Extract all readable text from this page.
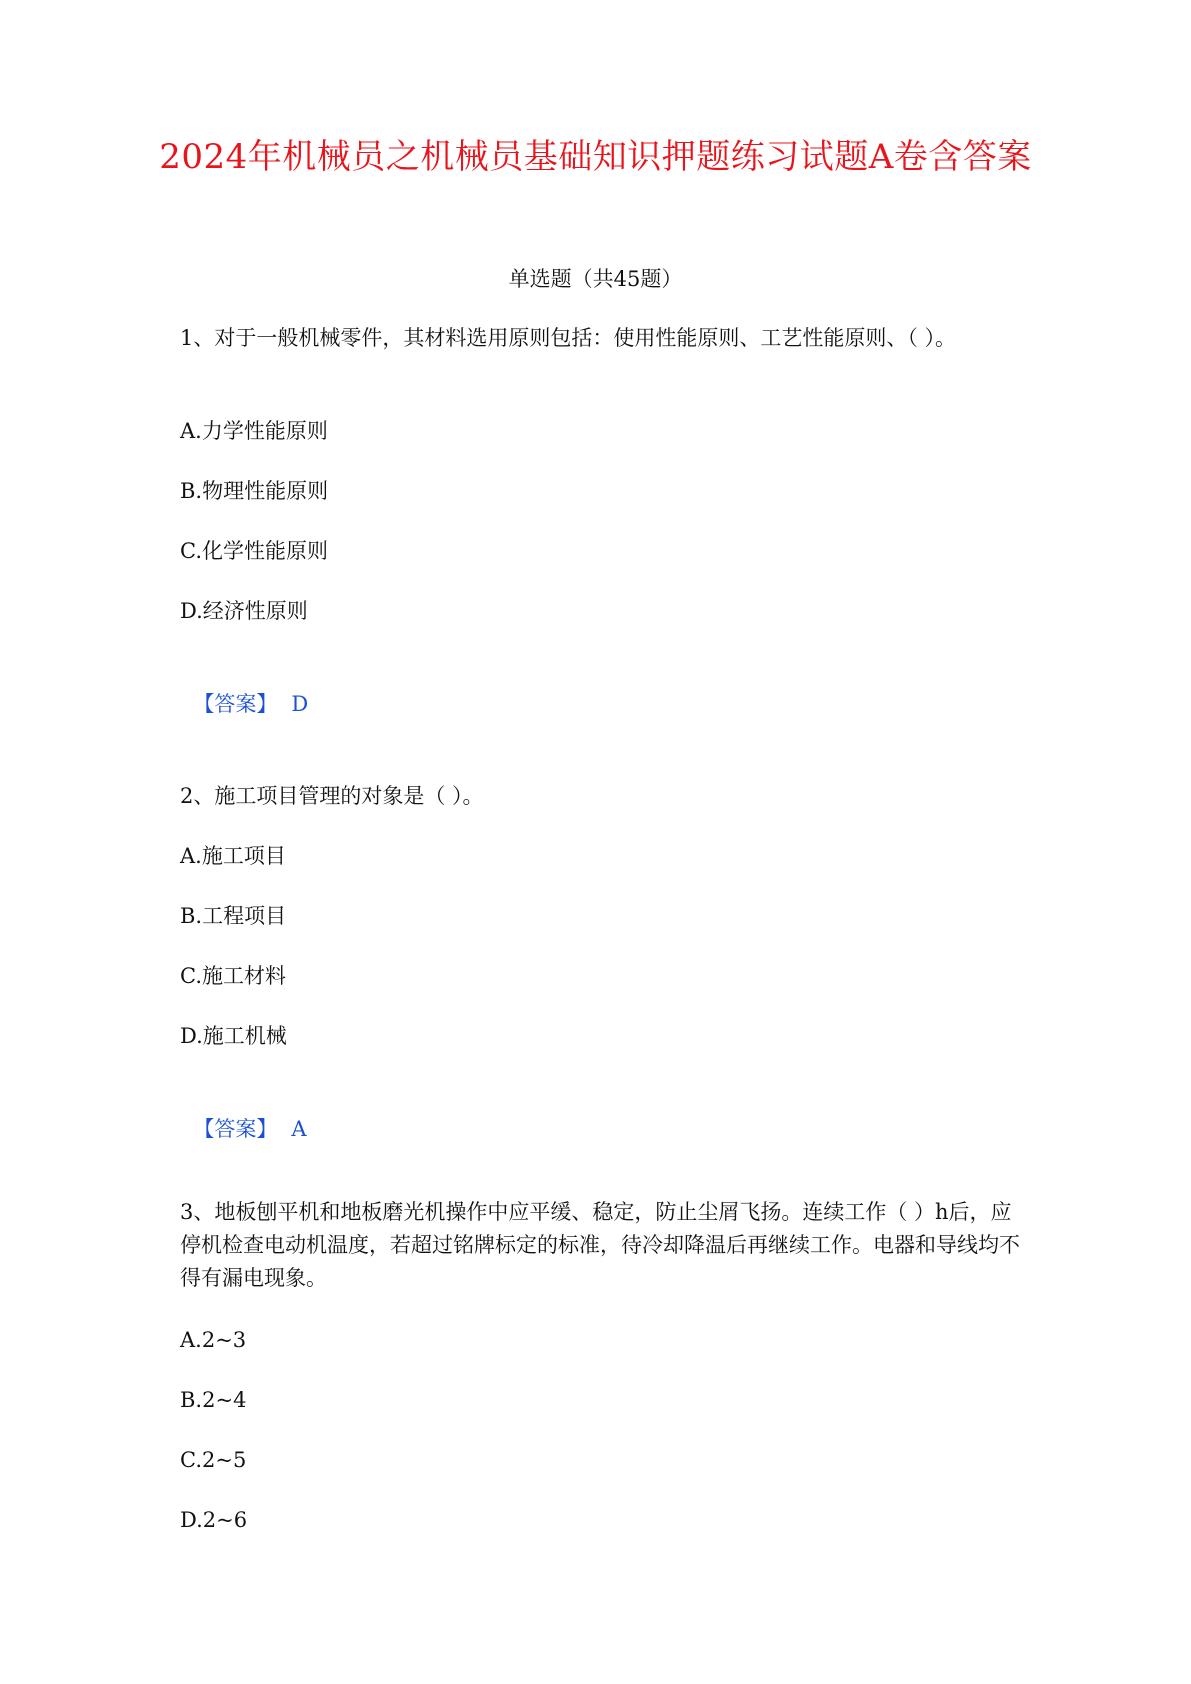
2024年机械员之机械员基础知识押题练习试题A卷含答案
单选题（共45题）
1、对于一般机械零件，其材料选用原则包括：使用性能原则、工艺性能原则、（ ）。
A.力学性能原则
B.物理性能原则
C.化学性能原则
D.经济性原则

【答案】 D

2、施工项目管理的对象是（ ）。
A.施工项目
B.工程项目
C.施工材料
D.施工机械

【答案】 A

3、地板刨平机和地板磨光机操作中应平缓、稳定，防止尘屑飞扬。连续工作（ ）h后，应停机检查电动机温度，若超过铭牌标定的标准，待冷却降温后再继续工作。电器和导线均不得有漏电现象。
A.2~3
B.2~4
C.2~5
D.2~6
